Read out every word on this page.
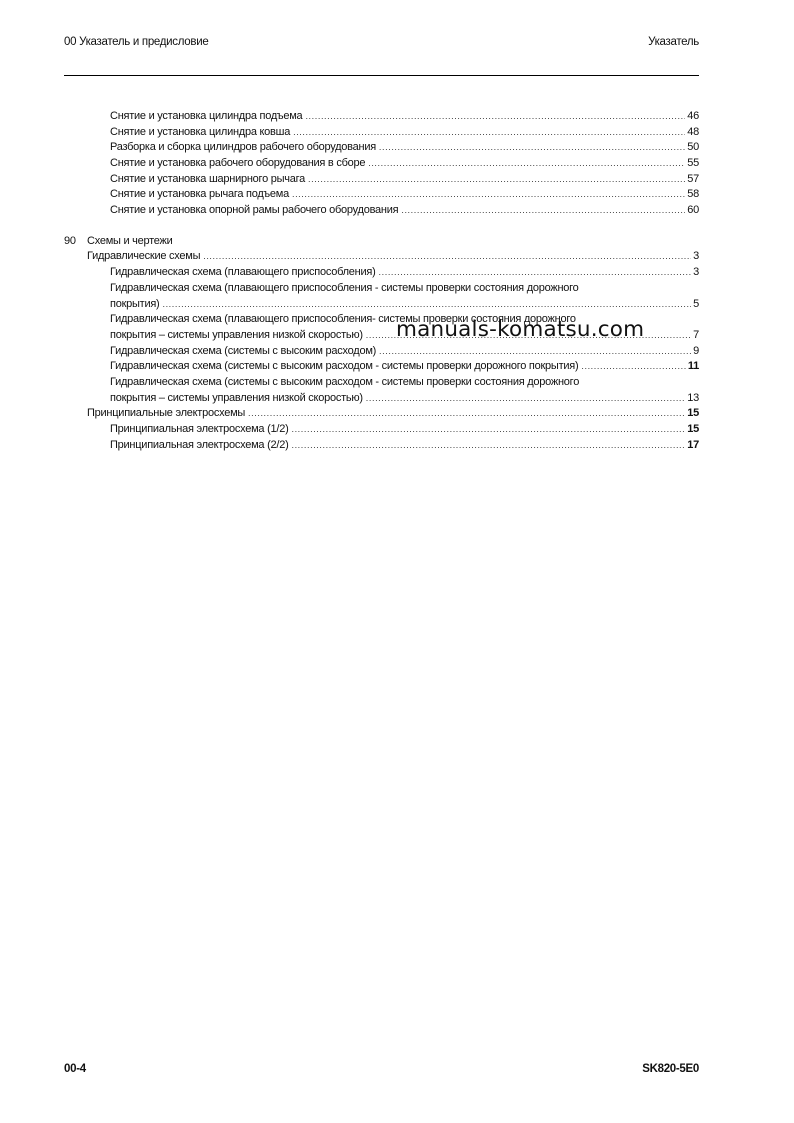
00 Указатель и предисловие	Указатель
Снятие и установка цилиндра подъема .....	46
Снятие и установка цилиндра ковша .....	48
Разборка и сборка цилиндров рабочего оборудования .....	50
Снятие и установка рабочего оборудования в сборе .....	55
Снятие и установка шарнирного рычага .....	57
Снятие и установка рычага подъема .....	58
Снятие и установка опорной рамы рабочего оборудования .....	60
90	Схемы и чертежи
Гидравлические схемы .....	3
Гидравлическая схема (плавающего приспособления) .....	3
Гидравлическая схема (плавающего приспособления - системы проверки состояния дорожного
покрытия) .....	5
Гидравлическая схема (плавающего приспособления- системы проверки состояния дорожного
покрытия – системы управления низкой скоростью) .....	7
Гидравлическая схема (системы с высоким расходом) .....	9
Гидравлическая схема (системы с высоким расходом - системы проверки дорожного покрытия) .....	11
Гидравлическая схема (системы с высоким расходом - системы проверки состояния дорожного
покрытия – системы управления низкой скоростью) .....	13
Принципиальные электросхемы .....	15
Принципиальная электросхема (1/2) .....	15
Принципиальная электросхема (2/2) .....	17
manuals-komatsu.com
00-4	SK820-5E0
